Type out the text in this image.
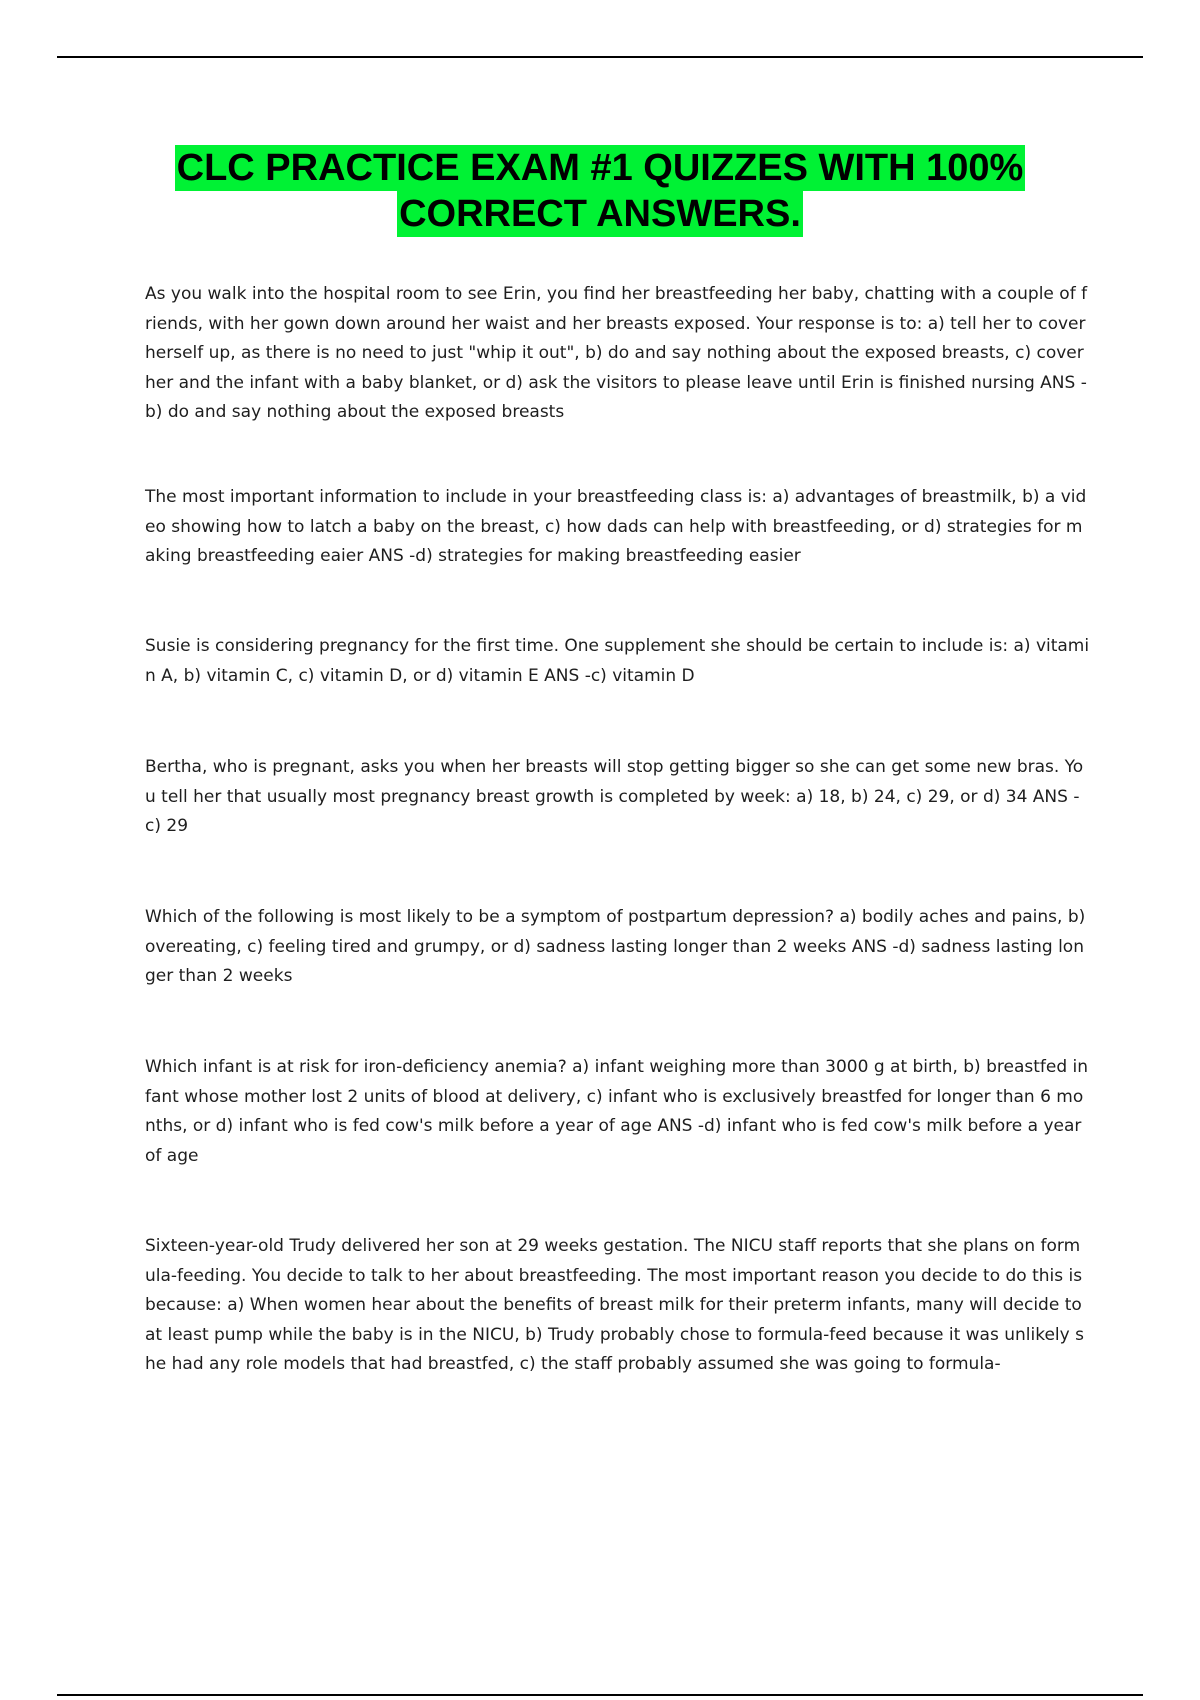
CLC PRACTICE EXAM #1 QUIZZES WITH 100%
CORRECT ANSWERS.

As you walk into the hospital room to see Erin, you find her breastfeeding her baby, chatting with a couple of friends, with her gown down around her waist and her breasts exposed. Your response is to: a) tell her to cover herself up, as there is no need to just "whip it out", b) do and say nothing about the exposed breasts, c) cover her and the infant with a baby blanket, or d) ask the visitors to please leave until Erin is finished nursing ANS -b) do and say nothing about the exposed breasts

The most important information to include in your breastfeeding class is: a) advantages of breastmilk, b) a video showing how to latch a baby on the breast, c) how dads can help with breastfeeding, or d) strategies for making breastfeeding eaier ANS -d) strategies for making breastfeeding easier

Susie is considering pregnancy for the first time. One supplement she should be certain to include is: a) vitamin A, b) vitamin C, c) vitamin D, or d) vitamin E ANS -c) vitamin D

Bertha, who is pregnant, asks you when her breasts will stop getting bigger so she can get some new bras. You tell her that usually most pregnancy breast growth is completed by week: a) 18, b) 24, c) 29, or d) 34 ANS -c) 29

Which of the following is most likely to be a symptom of postpartum depression? a) bodily aches and pains, b) overeating, c) feeling tired and grumpy, or d) sadness lasting longer than 2 weeks ANS -d) sadness lasting longer than 2 weeks

Which infant is at risk for iron-deficiency anemia? a) infant weighing more than 3000 g at birth, b) breastfed infant whose mother lost 2 units of blood at delivery, c) infant who is exclusively breastfed for longer than 6 months, or d) infant who is fed cow's milk before a year of age ANS -d) infant who is fed cow's milk before a year of age

Sixteen-year-old Trudy delivered her son at 29 weeks gestation. The NICU staff reports that she plans on formula-feeding. You decide to talk to her about breastfeeding. The most important reason you decide to do this is because: a) When women hear about the benefits of breast milk for their preterm infants, many will decide to at least pump while the baby is in the NICU, b) Trudy probably chose to formula-feed because it was unlikely she had any role models that had breastfed, c) the staff probably assumed she was going to formula-
